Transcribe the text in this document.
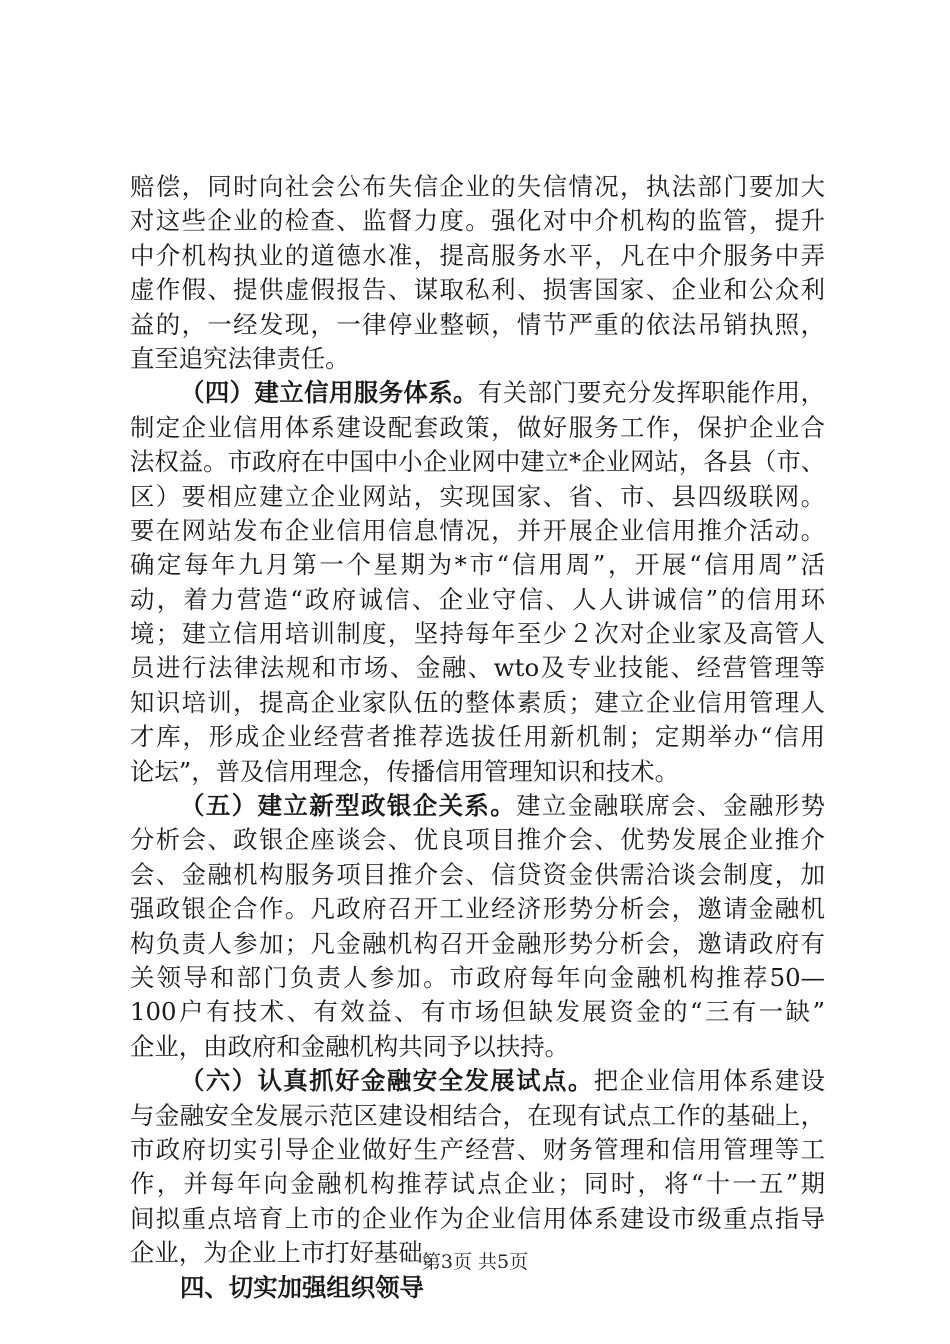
赔偿，同时向社会公布失信企业的失信情况，执法部门要加大
对这些企业的检查、监督力度。强化对中介机构的监管，提升
中介机构执业的道德水准，提高服务水平，凡在中介服务中弄
虚作假、提供虚假报告、谋取私利、损害国家、企业和公众利
益的，一经发现，一律停业整顿，情节严重的依法吊销执照，
直至追究法律责任。
（四）建立信用服务体系。有关部门要充分发挥职能作用，
制定企业信用体系建设配套政策，做好服务工作，保护企业合
法权益。市政府在中国中小企业网中建立*企业网站，各县（市、
区）要相应建立企业网站，实现国家、省、市、县四级联网。
要在网站发布企业信用信息情况，并开展企业信用推介活动。
确定每年九月第一个星期为*市“信用周”，开展“信用周”活
动，着力营造“政府诚信、企业守信、人人讲诚信”的信用环
境；建立信用培训制度，坚持每年至少２次对企业家及高管人
员进行法律法规和市场、金融、wto及专业技能、经营管理等
知识培训，提高企业家队伍的整体素质；建立企业信用管理人
才库，形成企业经营者推荐选拔任用新机制；定期举办“信用
论坛”，普及信用理念，传播信用管理知识和技术。
（五）建立新型政银企关系。建立金融联席会、金融形势
分析会、政银企座谈会、优良项目推介会、优势发展企业推介
会、金融机构服务项目推介会、信贷资金供需洽谈会制度，加
强政银企合作。凡政府召开工业经济形势分析会，邀请金融机
构负责人参加；凡金融机构召开金融形势分析会，邀请政府有
关领导和部门负责人参加。市政府每年向金融机构推荐50—
100户有技术、有效益、有市场但缺发展资金的“三有一缺”
企业，由政府和金融机构共同予以扶持。
（六）认真抓好金融安全发展试点。把企业信用体系建设
与金融安全发展示范区建设相结合，在现有试点工作的基础上，
市政府切实引导企业做好生产经营、财务管理和信用管理等工
作，并每年向金融机构推荐试点企业；同时，将“十一五”期
间拟重点培育上市的企业作为企业信用体系建设市级重点指导
企业，为企业上市打好基础。
四、切实加强组织领导
第3页 共5页
